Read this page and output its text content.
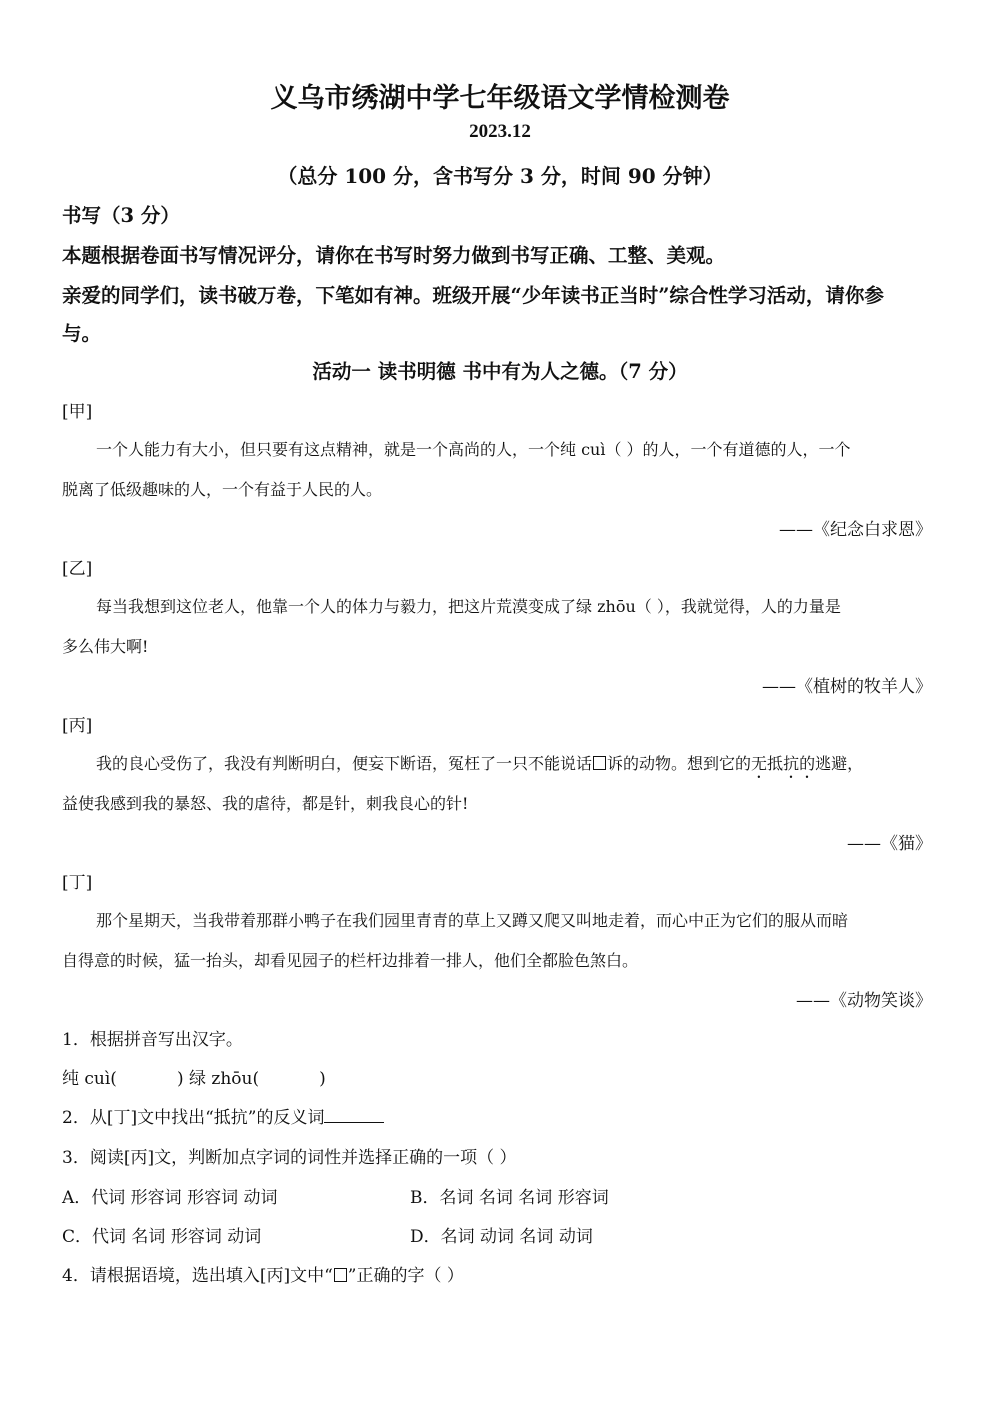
义乌市绣湖中学七年级语文学情检测卷
2023.12
（总分 100 分，含书写分 3 分，时间 90 分钟）
书写（3 分）
本题根据卷面书写情况评分，请你在书写时努力做到书写正确、工整、美观。
亲爱的同学们，读书破万卷，下笔如有神。班级开展“少年读书正当时”综合性学习活动，请你参
与。
活动一 读书明德 书中有为人之德。（7 分）
[甲]
一个人能力有大小，但只要有这点精神，就是一个高尚的人，一个纯 cuì（ ）的人，一个有道德的人，一个
脱离了低级趣味的人，一个有益于人民的人。
——《纪念白求恩》
[乙]
每当我想到这位老人，他靠一个人的体力与毅力，把这片荒漠变成了绿 zhōu（ ），我就觉得，人的力量是
多么伟大啊!
——《植树的牧羊人》
[丙]
我的良心受伤了，我没有判断明白，便妄下断语，冤枉了一只不能说话 诉的动物。想到它的无抵抗的逃避，
益使我感到我的暴怒、我的虐待，都是针，刺我良心的针!
——《猫》
[丁]
那个星期天，当我带着那群小鸭子在我们园里青青的草上又蹲又爬又叫地走着，而心中正为它们的服从而暗
自得意的时候，猛一抬头，却看见园子的栏杆边排着一排人，他们全都脸色煞白。
——《动物笑谈》
1．根据拼音写出汉字。
纯 cuì(	) 绿 zhōu(	)
2．从[丁]文中找出“抵抗”的反义词
3．阅读[丙]文，判断加点字词的词性并选择正确的一项（ ）
A．代词 形容词 形容词 动词	B．名词 名词 名词 形容词
C．代词 名词 形容词 动词	D．名词 动词 名词 动词
4．请根据语境，选出填入[丙]文中“ ”正确的字（ ）
